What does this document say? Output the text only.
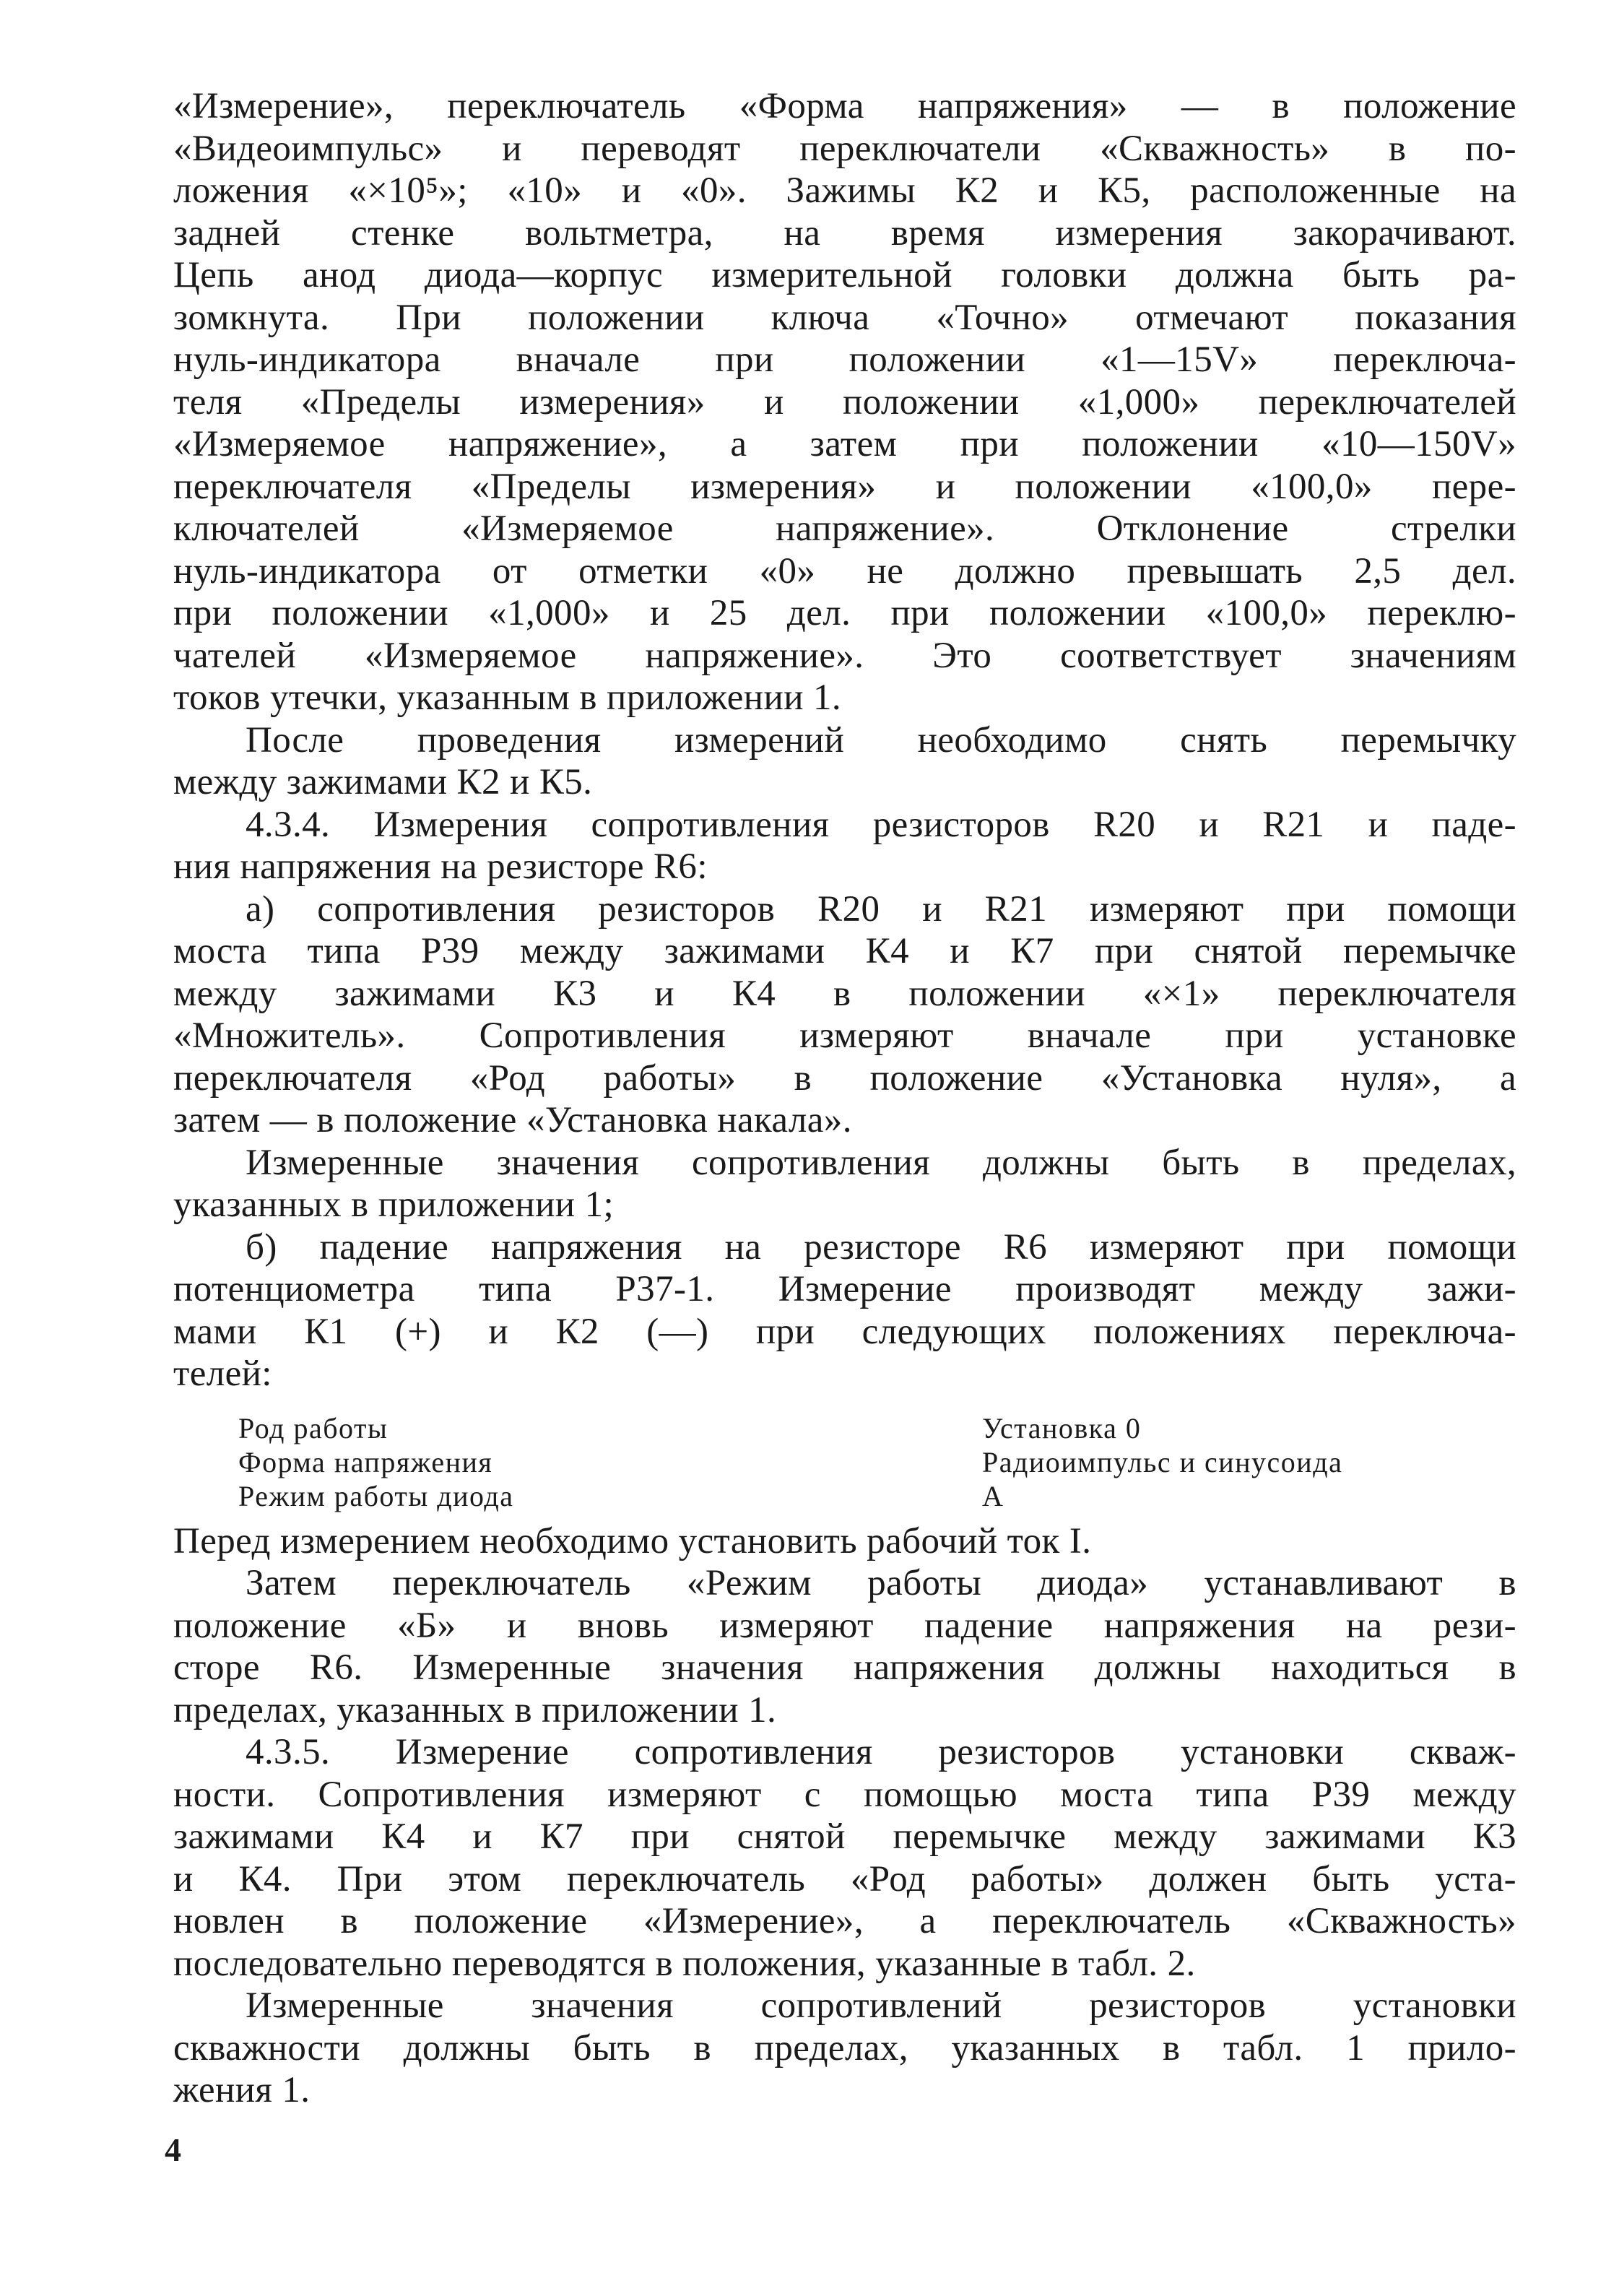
«Измерение», переключатель «Форма напряжения» — в положение

«Видеоимпульс» и переводят переключатели «Скважность» в по-

ложения «×10⁵»; «10» и «0». Зажимы К2 и К5, расположенные на

задней стенке вольтметра, на время измерения закорачивают.

Цепь анод диода—корпус измерительной головки должна быть ра-

зомкнута. При положении ключа «Точно» отмечают показания

нуль-индикатора вначале при положении «1—15V» переключа-

теля «Пределы измерения» и положении «1,000» переключателей

«Измеряемое напряжение», а затем при положении «10—150V»

переключателя «Пределы измерения» и положении «100,0» пере-

ключателей «Измеряемое напряжение». Отклонение стрелки

нуль-индикатора от отметки «0» не должно превышать 2,5 дел.

при положении «1,000» и 25 дел. при положении «100,0» переклю-

чателей «Измеряемое напряжение». Это соответствует значениям

токов утечки, указанным в приложении 1.

После проведения измерений необходимо снять перемычку

между зажимами К2 и К5.

4.3.4. Измерения сопротивления резисторов R20 и R21 и паде-

ния напряжения на резисторе R6:

а) сопротивления резисторов R20 и R21 измеряют при помощи

моста типа Р39 между зажимами К4 и К7 при снятой перемычке

между зажимами К3 и К4 в положении «×1» переключателя

«Множитель». Сопротивления измеряют вначале при установке

переключателя «Род работы» в положение «Установка нуля», а

затем — в положение «Установка накала».

Измеренные значения сопротивления должны быть в пределах,

указанных в приложении 1;

б) падение напряжения на резисторе R6 измеряют при помощи

потенциометра типа Р37-1. Измерение производят между зажи-

мами К1 (+) и К2 (—) при следующих положениях переключа-

телей:

Род работы	Установка 0
Форма напряжения	Радиоимпульс и синусоида
Режим работы диода	А

Перед измерением необходимо установить рабочий ток I.

Затем переключатель «Режим работы диода» устанавливают в

положение «Б» и вновь измеряют падение напряжения на рези-

сторе R6. Измеренные значения напряжения должны находиться в

пределах, указанных в приложении 1.

4.3.5. Измерение сопротивления резисторов установки скваж-

ности. Сопротивления измеряют с помощью моста типа Р39 между

зажимами К4 и К7 при снятой перемычке между зажимами К3

и К4. При этом переключатель «Род работы» должен быть уста-

новлен в положение «Измерение», а переключатель «Скважность»

последовательно переводятся в положения, указанные в табл. 2.

Измеренные значения сопротивлений резисторов установки

скважности должны быть в пределах, указанных в табл. 1 прило-

жения 1.

4
